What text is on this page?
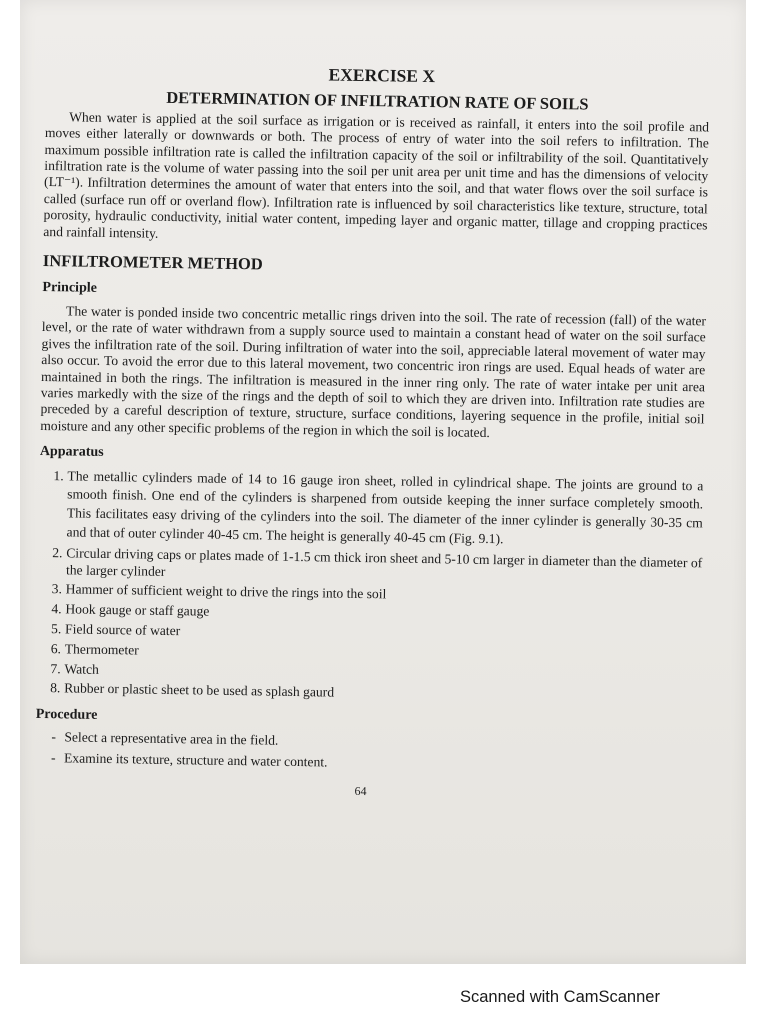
EXERCISE X
DETERMINATION OF INFILTRATION RATE OF SOILS

When water is applied at the soil surface as irrigation or is received as rainfall, it enters into the soil profile and moves either laterally or downwards or both. The process of entry of water into the soil refers to infiltration. The maximum possible infiltration rate is called the infiltration capacity of the soil or infiltrability of the soil. Quantitatively infiltration rate is the volume of water passing into the soil per unit area per unit time and has the dimensions of velocity (LT⁻¹). Infiltration determines the amount of water that enters into the soil, and that water flows over the soil surface is called (surface run off or overland flow). Infiltration rate is influenced by soil characteristics like texture, structure, total porosity, hydraulic conductivity, initial water content, impeding layer and organic matter, tillage and cropping practices and rainfall intensity.

INFILTROMETER METHOD
Principle

The water is ponded inside two concentric metallic rings driven into the soil. The rate of recession (fall) of the water level, or the rate of water withdrawn from a supply source used to maintain a constant head of water on the soil surface gives the infiltration rate of the soil. During infiltration of water into the soil, appreciable lateral movement of water may also occur. To avoid the error due to this lateral movement, two concentric iron rings are used. Equal heads of water are maintained in both the rings. The infiltration is measured in the inner ring only. The rate of water intake per unit area varies markedly with the size of the rings and the depth of soil to which they are driven into. Infiltration rate studies are preceded by a careful description of texture, structure, surface conditions, layering sequence in the profile, initial soil moisture and any other specific problems of the region in which the soil is located.

Apparatus
1. The metallic cylinders made of 14 to 16 gauge iron sheet, rolled in cylindrical shape. The joints are ground to a smooth finish. One end of the cylinders is sharpened from outside keeping the inner surface completely smooth. This facilitates easy driving of the cylinders into the soil. The diameter of the inner cylinder is generally 30-35 cm and that of outer cylinder 40-45 cm. The height is generally 40-45 cm (Fig. 9.1).
2. Circular driving caps or plates made of 1-1.5 cm thick iron sheet and 5-10 cm larger in diameter than the diameter of the larger cylinder
3. Hammer of sufficient weight to drive the rings into the soil
4. Hook gauge or staff gauge
5. Field source of water
6. Thermometer
7. Watch
8. Rubber or plastic sheet to be used as splash gaurd
Procedure
- Select a representative area in the field.
- Examine its texture, structure and water content.
64
Scanned with CamScanner
